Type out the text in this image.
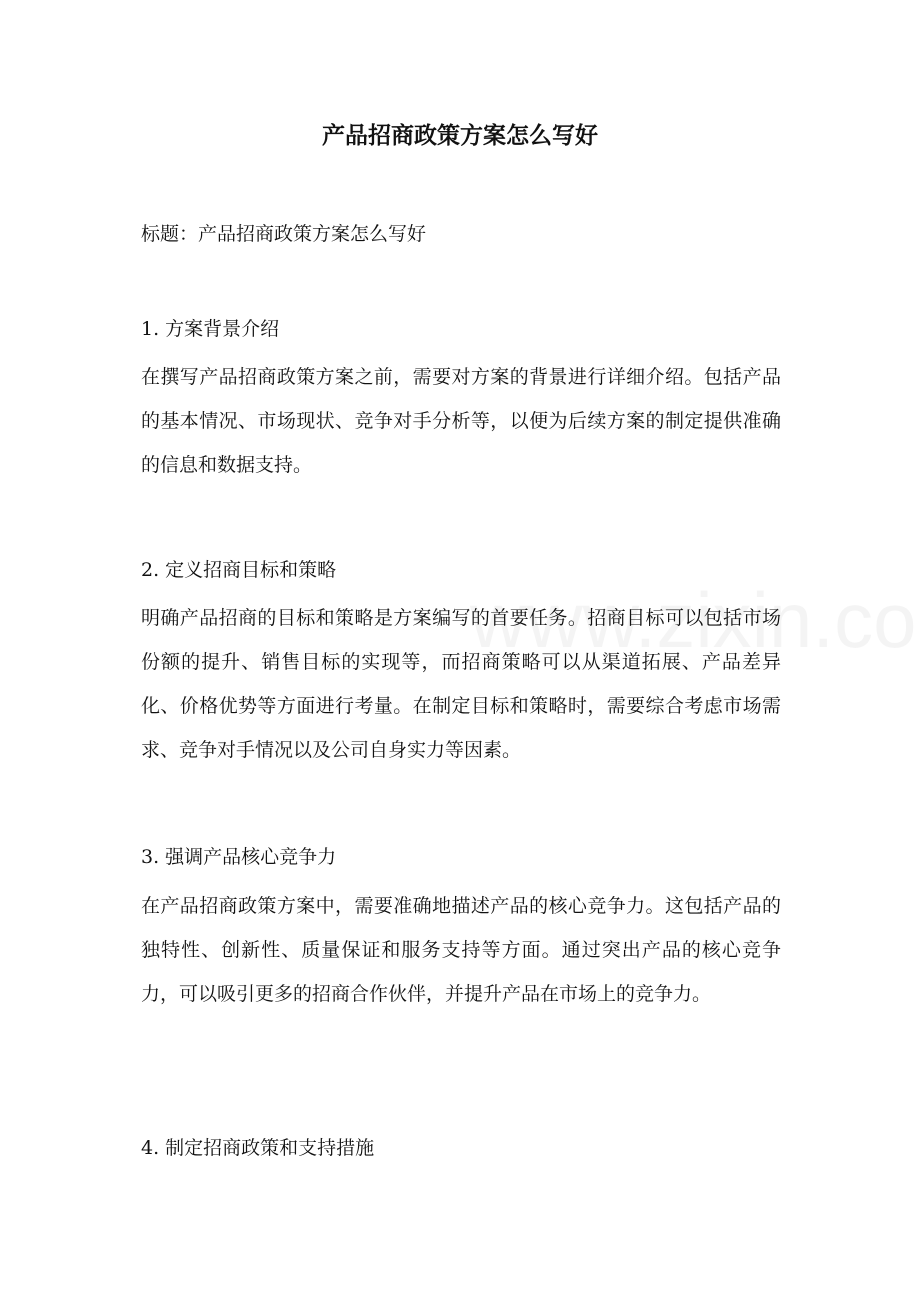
产品招商政策方案怎么写好
标题：产品招商政策方案怎么写好
1. 方案背景介绍
在撰写产品招商政策方案之前，需要对方案的背景进行详细介绍。包括产品的基本情况、市场现状、竞争对手分析等，以便为后续方案的制定提供准确的信息和数据支持。
2. 定义招商目标和策略
明确产品招商的目标和策略是方案编写的首要任务。招商目标可以包括市场份额的提升、销售目标的实现等，而招商策略可以从渠道拓展、产品差异化、价格优势等方面进行考量。在制定目标和策略时，需要综合考虑市场需求、竞争对手情况以及公司自身实力等因素。
3. 强调产品核心竞争力
在产品招商政策方案中，需要准确地描述产品的核心竞争力。这包括产品的独特性、创新性、质量保证和服务支持等方面。通过突出产品的核心竞争力，可以吸引更多的招商合作伙伴，并提升产品在市场上的竞争力。
4. 制定招商政策和支持措施
